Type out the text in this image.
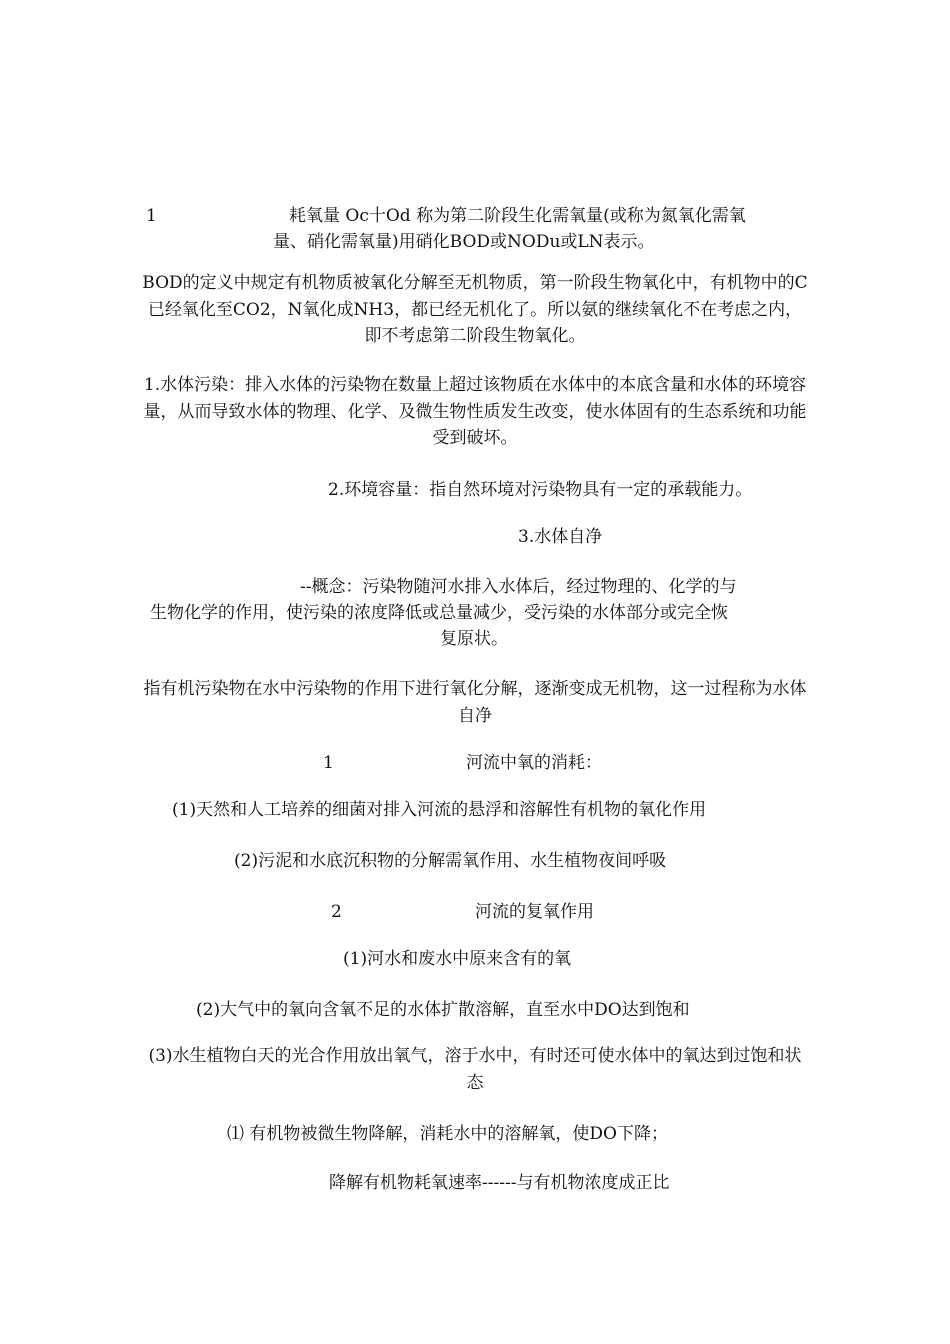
1	耗氧量 Oc十Od 称为第二阶段生化需氧量(或称为氮氧化需氧
量、硝化需氧量)用硝化BOD或NODu或LN表示。
BOD的定义中规定有机物质被氧化分解至无机物质，第一阶段生物氧化中，有机物中的C已经氧化至CO2，N氧化成NH3，都已经无机化了。所以氨的继续氧化不在考虑之内，即不考虑第二阶段生物氧化。
1.水体污染：排入水体的污染物在数量上超过该物质在水体中的本底含量和水体的环境容量，从而导致水体的物理、化学、及微生物性质发生改变，使水体固有的生态系统和功能受到破坏。
2.环境容量：指自然环境对污染物具有一定的承载能力。
3.水体自净
--概念：污染物随河水排入水体后，经过物理的、化学的与
生物化学的作用，使污染的浓度降低或总量减少，受污染的水体部分或完全恢
复原状。
指有机污染物在水中污染物的作用下进行氧化分解，逐渐变成无机物，这一过程称为水体自净
1	河流中氧的消耗：
(1)天然和人工培养的细菌对排入河流的悬浮和溶解性有机物的氧化作用
(2)污泥和水底沉积物的分解需氧作用、水生植物夜间呼吸
2	河流的复氧作用
(1)河水和废水中原来含有的氧
(2)大气中的氧向含氧不足的水体扩散溶解，直至水中DO达到饱和
(3)水生植物白天的光合作用放出氧气，溶于水中，有时还可使水体中的氧达到过饱和状态
⑴ 有机物被微生物降解，消耗水中的溶解氧，使DO下降；
降解有机物耗氧速率------与有机物浓度成正比
